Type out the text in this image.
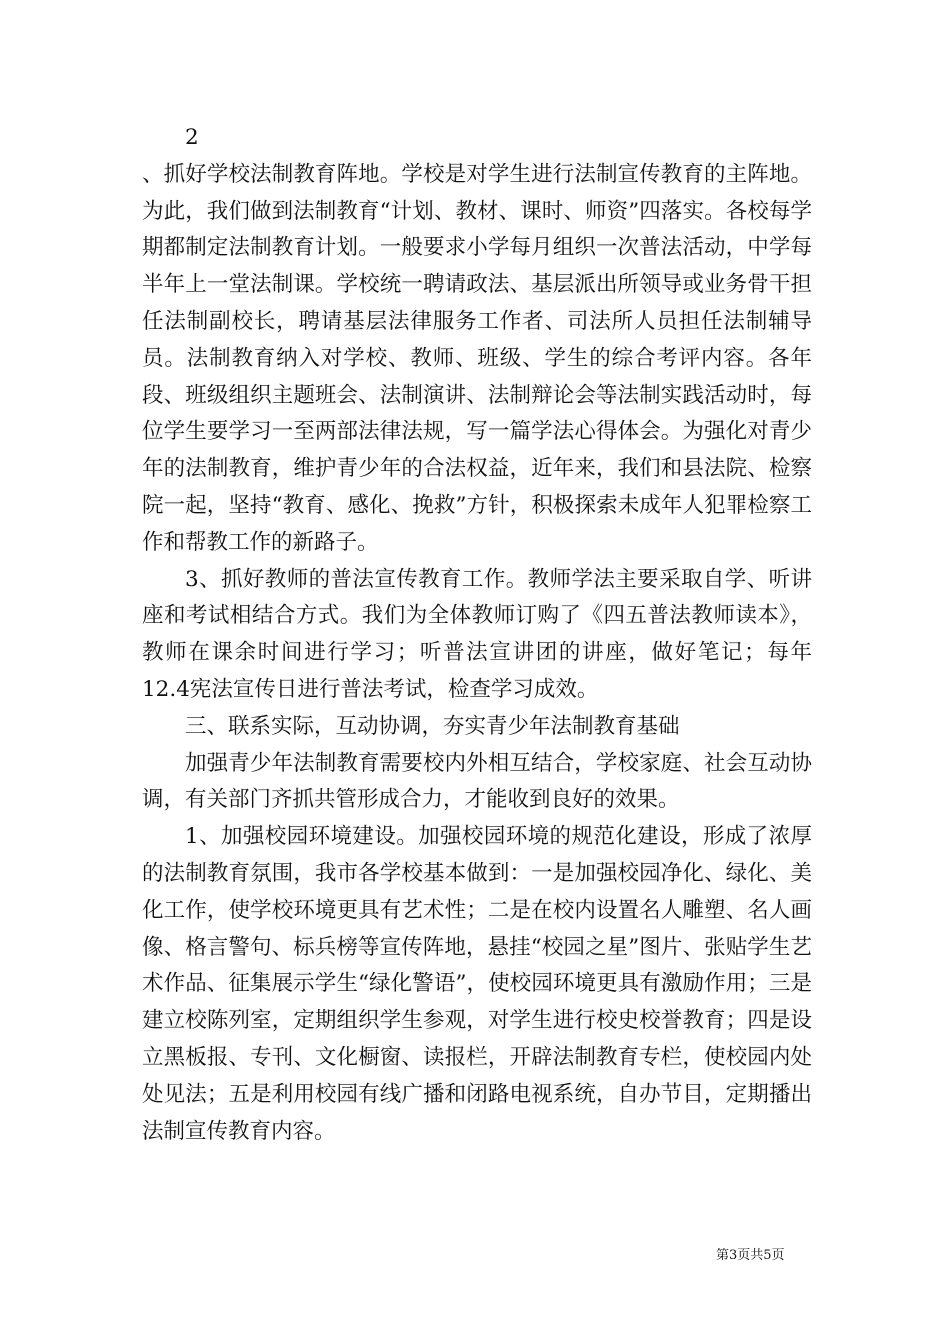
2

、抓好学校法制教育阵地。学校是对学生进行法制宣传教育的主阵地。为此，我们做到法制教育“计划、教材、课时、师资”四落实。各校每学期都制定法制教育计划。一般要求小学每月组织一次普法活动，中学每半年上一堂法制课。学校统一聘请政法、基层派出所领导或业务骨干担任法制副校长，聘请基层法律服务工作者、司法所人员担任法制辅导员。法制教育纳入对学校、教师、班级、学生的综合考评内容。各年段、班级组织主题班会、法制演讲、法制辩论会等法制实践活动时，每位学生要学习一至两部法律法规，写一篇学法心得体会。为强化对青少年的法制教育，维护青少年的合法权益，近年来，我们和县法院、检察院一起，坚持“教育、感化、挽救”方针，积极探索未成年人犯罪检察工作和帮教工作的新路子。

3、抓好教师的普法宣传教育工作。教师学法主要采取自学、听讲座和考试相结合方式。我们为全体教师订购了《四五普法教师读本》，教师在课余时间进行学习；听普法宣讲团的讲座，做好笔记；每年12.4宪法宣传日进行普法考试，检查学习成效。

三、联系实际，互动协调，夯实青少年法制教育基础

加强青少年法制教育需要校内外相互结合，学校家庭、社会互动协调，有关部门齐抓共管形成合力，才能收到良好的效果。

1、加强校园环境建设。加强校园环境的规范化建设，形成了浓厚的法制教育氛围，我市各学校基本做到：一是加强校园净化、绿化、美化工作，使学校环境更具有艺术性；二是在校内设置名人雕塑、名人画像、格言警句、标兵榜等宣传阵地，悬挂“校园之星”图片、张贴学生艺术作品、征集展示学生“绿化警语”，使校园环境更具有激励作用；三是建立校陈列室，定期组织学生参观，对学生进行校史校誉教育；四是设立黑板报、专刊、文化橱窗、读报栏，开辟法制教育专栏，使校园内处处见法；五是利用校园有线广播和闭路电视系统，自办节目，定期播出法制宣传教育内容。

第3页共5页
